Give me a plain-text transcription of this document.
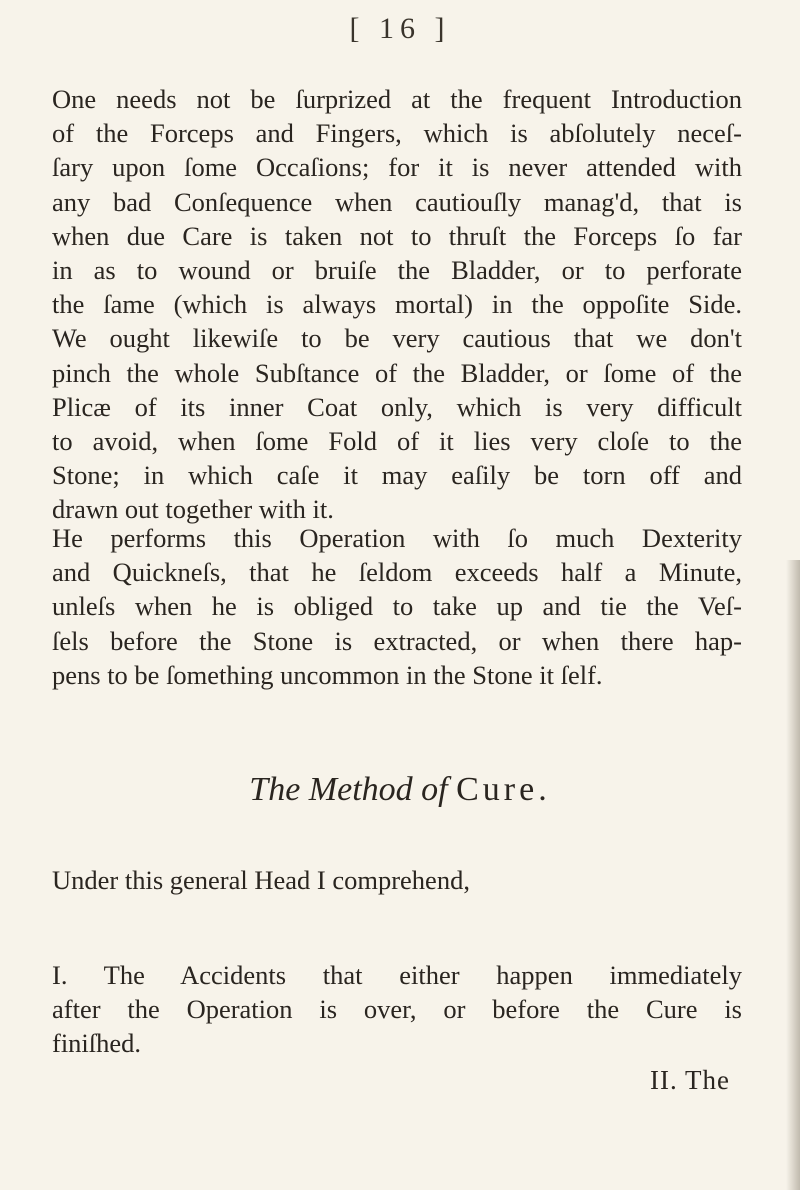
[ 16 ]
One needs not be ſurprized at the frequent Introduction
of the Forceps and Fingers, which is abſolutely neceſ-
ſary upon ſome Occaſions; for it is never attended with
any bad Conſequence when cautiouſly manag'd, that is
when due Care is taken not to thruſt the Forceps ſo far
in as to wound or bruiſe the Bladder, or to perforate
the ſame (which is always mortal) in the oppoſite Side.
We ought likewiſe to be very cautious that we don't
pinch the whole Subſtance of the Bladder, or ſome of the
Plicæ of its inner Coat only, which is very difficult
to avoid, when ſome Fold of it lies very cloſe to the
Stone; in which caſe it may eaſily be torn off and
drawn out together with it.
He performs this Operation with ſo much Dexterity
and Quickneſs, that he ſeldom exceeds half a Minute,
unleſs when he is obliged to take up and tie the Veſ-
ſels before the Stone is extracted, or when there hap-
pens to be ſomething uncommon in the Stone it ſelf.
The Method of Cure.
Under this general Head I comprehend,
I. The Accidents that either happen immediately
after the Operation is over, or before the Cure is
finiſhed.
II. The
